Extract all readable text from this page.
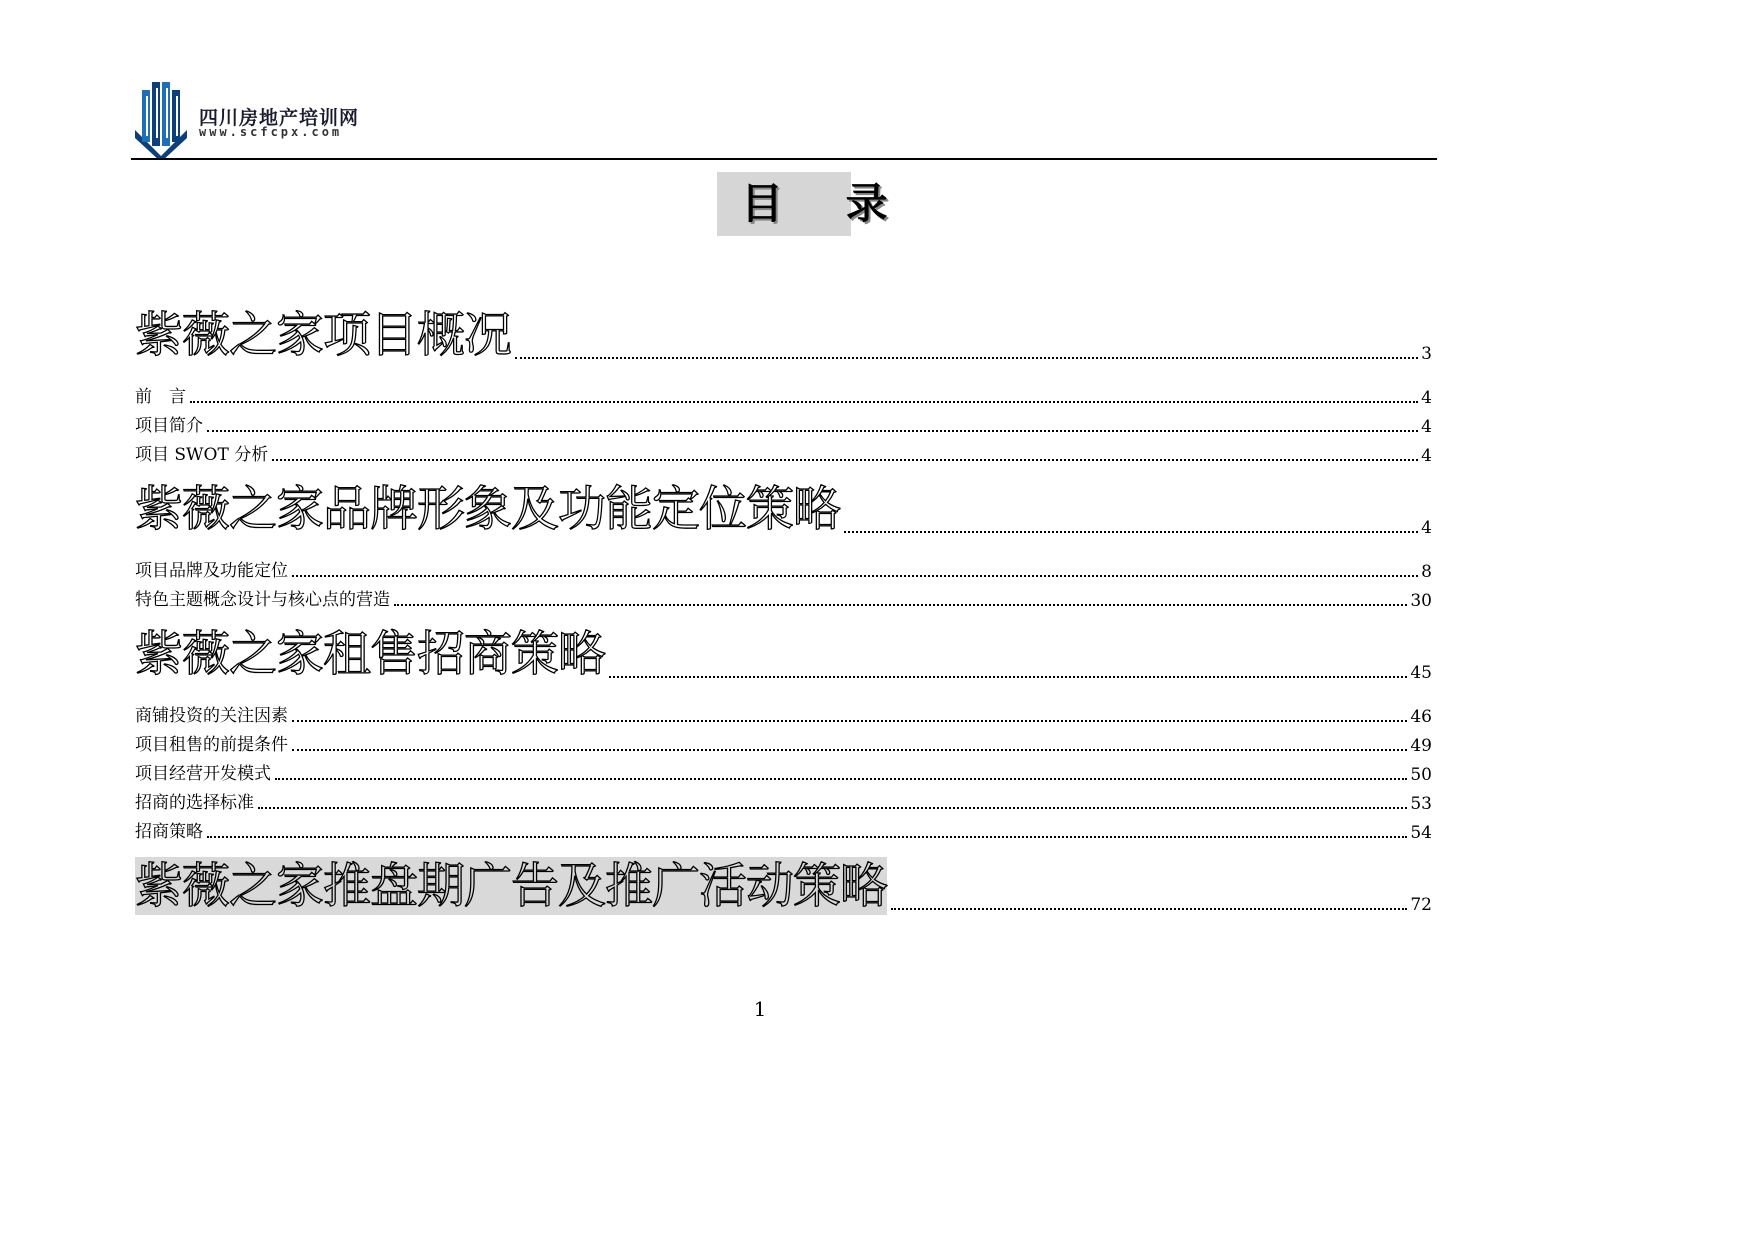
四川房地产培训网
www.scfcpx.com
目 录
紫薇之家项目概况	3
前　言	4
项目简介	4
项目 SWOT 分析	4
紫薇之家品牌形象及功能定位策略	4
项目品牌及功能定位	8
特色主题概念设计与核心点的营造	30
紫薇之家租售招商策略	45
商铺投资的关注因素	46
项目租售的前提条件	49
项目经营开发模式	50
招商的选择标准	53
招商策略	54
紫薇之家推盘期广告及推广活动策略	72
1
